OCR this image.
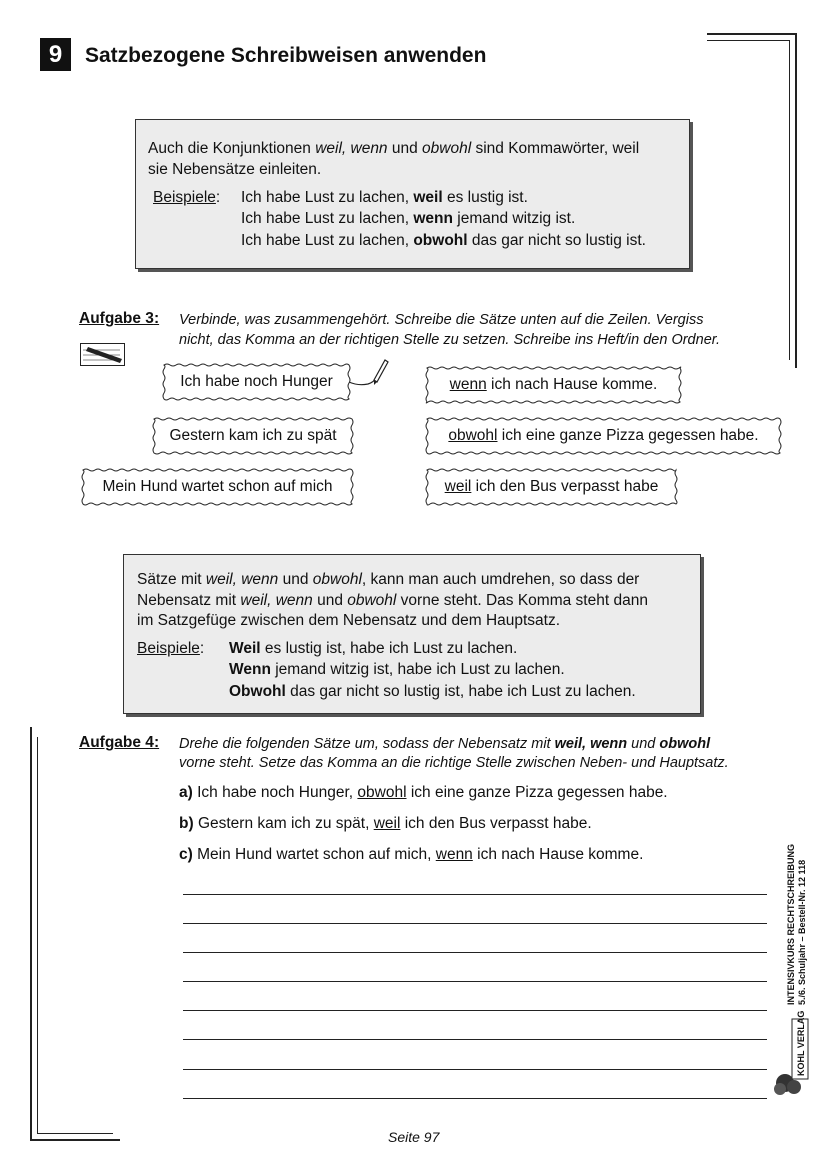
9	Satzbezogene Schreibweisen anwenden
Auch die Konjunktionen weil, wenn und obwohl sind Kommawörter, weil
sie Nebensätze einleiten.
Beispiele: Ich habe Lust zu lachen, weil es lustig ist.
Ich habe Lust zu lachen, wenn jemand witzig ist.
Ich habe Lust zu lachen, obwohl das gar nicht so lustig ist.
Aufgabe 3: Verbinde, was zusammengehört. Schreibe die Sätze unten auf die Zeilen. Vergiss
nicht, das Komma an der richtigen Stelle zu setzen. Schreibe ins Heft/in den Ordner.
Ich habe noch Hunger
Gestern kam ich zu spät
Mein Hund wartet schon auf mich
wenn ich nach Hause komme.
obwohl ich eine ganze Pizza gegessen habe.
weil ich den Bus verpasst habe
Sätze mit weil, wenn und obwohl, kann man auch umdrehen, so dass der
Nebensatz mit weil, wenn und obwohl vorne steht. Das Komma steht dann
im Satzgefüge zwischen dem Nebensatz und dem Hauptsatz.
Beispiele: Weil es lustig ist, habe ich Lust zu lachen.
Wenn jemand witzig ist, habe ich Lust zu lachen.
Obwohl das gar nicht so lustig ist, habe ich Lust zu lachen.
Aufgabe 4: Drehe die folgenden Sätze um, sodass der Nebensatz mit weil, wenn und obwohl
vorne steht. Setze das Komma an die richtige Stelle zwischen Neben- und Hauptsatz.
a) Ich habe noch Hunger, obwohl ich eine ganze Pizza gegessen habe.
b) Gestern kam ich zu spät, weil ich den Bus verpasst habe.
c) Mein Hund wartet schon auf mich, wenn ich nach Hause komme.	INTENSIVKURS RECHTSCHREIBUNG 5./6. Schuljahr – Bestell-Nr. 12 118
KOHL VERLAG
Seite 97
